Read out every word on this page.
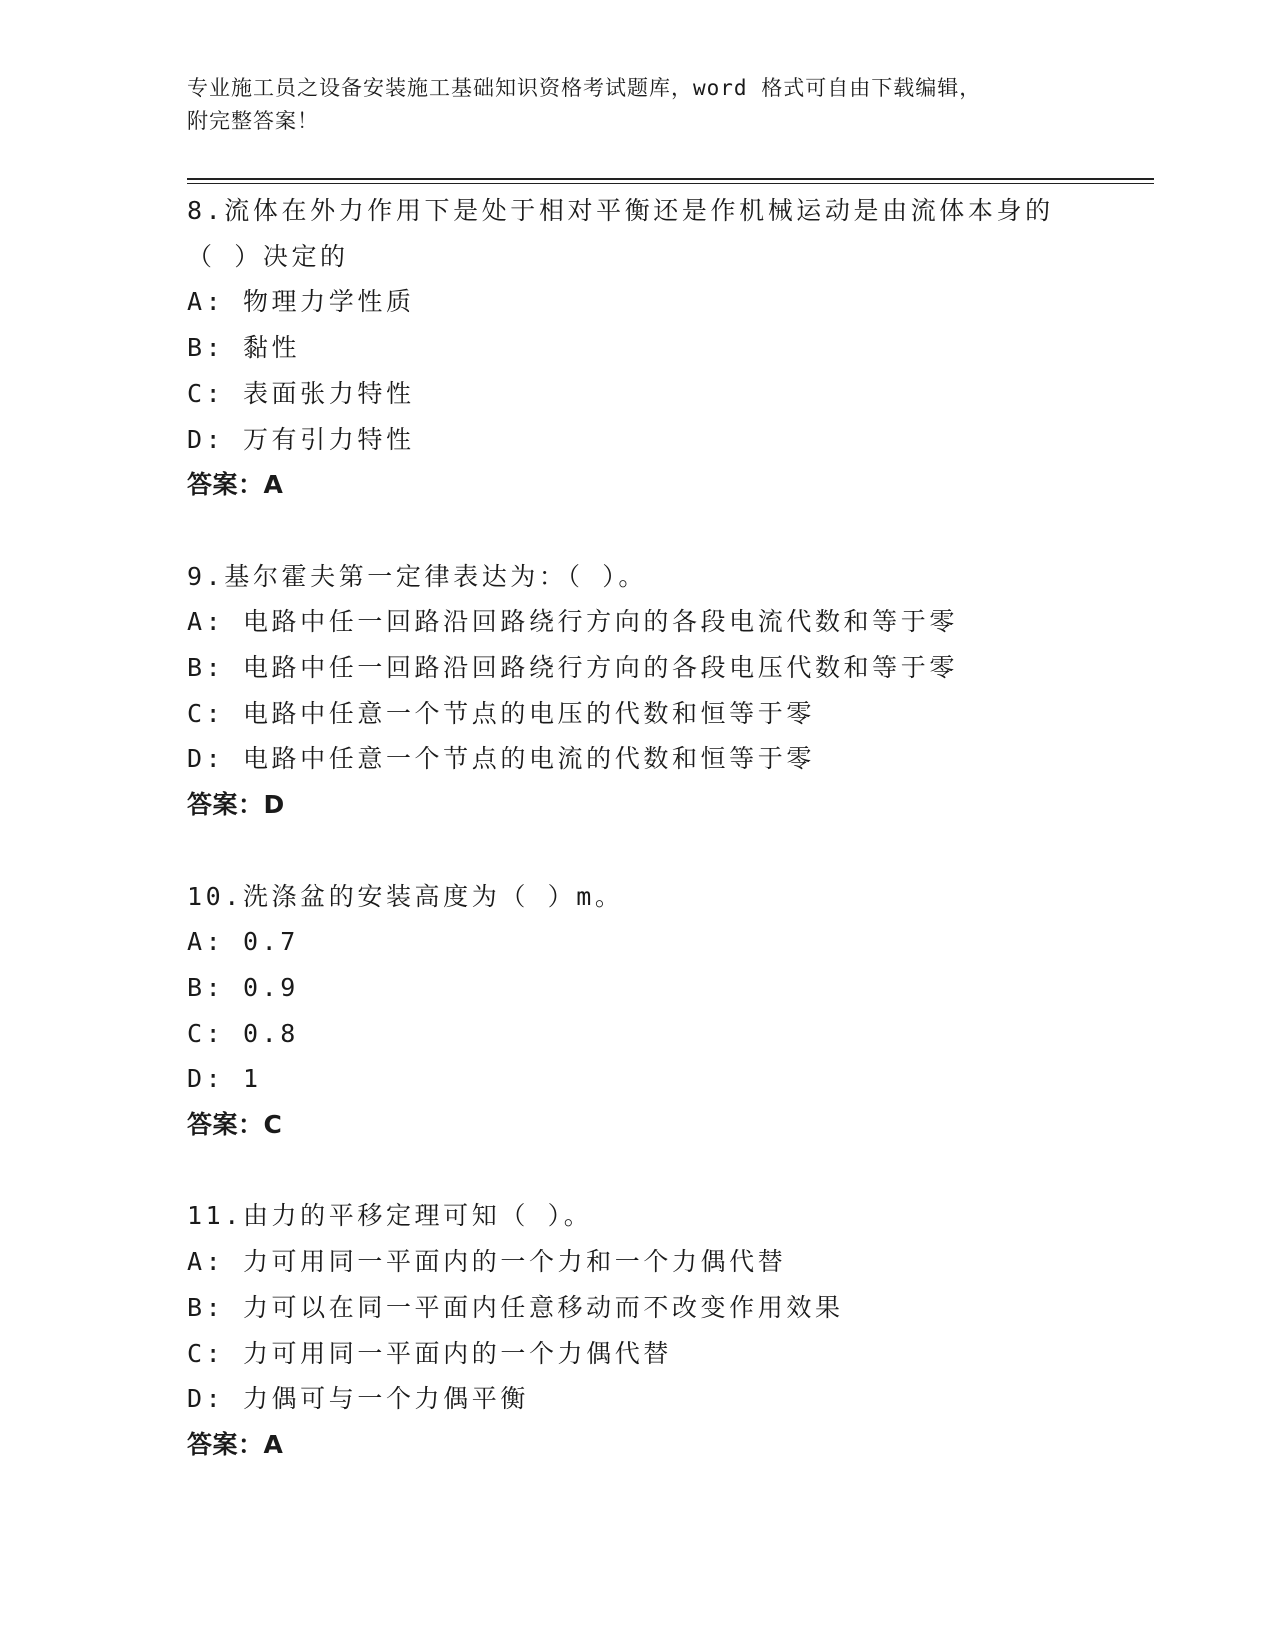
专业施工员之设备安装施工基础知识资格考试题库，word 格式可自由下载编辑，
附完整答案！
8.流体在外力作用下是处于相对平衡还是作机械运动是由流体本身的
（ ）决定的
A: 物理力学性质
B: 黏性
C: 表面张力特性
D: 万有引力特性
答案：A
9.基尔霍夫第一定律表达为：（ ）。
A: 电路中任一回路沿回路绕行方向的各段电流代数和等于零
B: 电路中任一回路沿回路绕行方向的各段电压代数和等于零
C: 电路中任意一个节点的电压的代数和恒等于零
D: 电路中任意一个节点的电流的代数和恒等于零
答案：D
10.洗涤盆的安装高度为（ ）m。
A: 0.7
B: 0.9
C: 0.8
D: 1
答案：C
11.由力的平移定理可知（ ）。
A: 力可用同一平面内的一个力和一个力偶代替
B: 力可以在同一平面内任意移动而不改变作用效果
C: 力可用同一平面内的一个力偶代替
D: 力偶可与一个力偶平衡
答案：A
